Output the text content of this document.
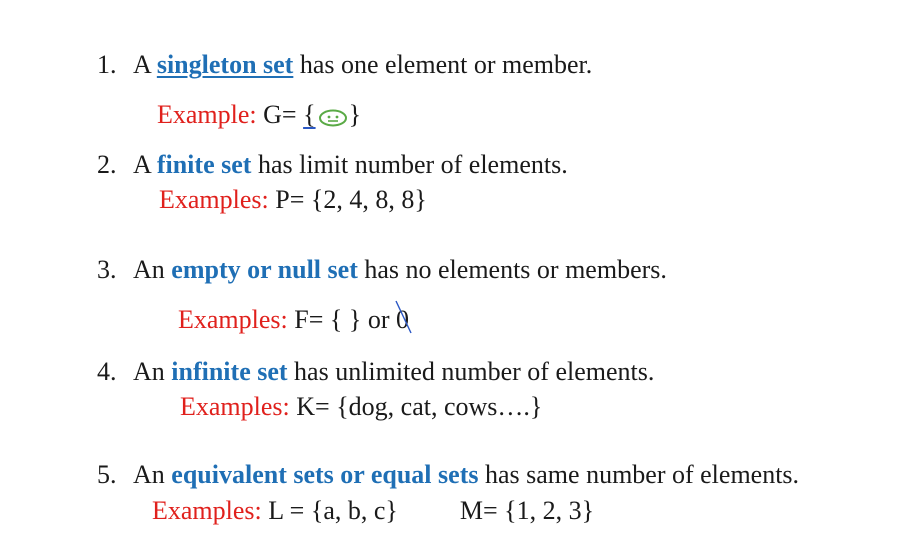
1. A singleton set has one element or member.
Example: G= { }
2. A finite set has limit number of elements.
Examples: P= {2, 4, 8, 8}
3. An empty or null set has no elements or members.
Examples: F= { } or 0
4. An infinite set has unlimited number of elements.
Examples: K= {dog, cat, cows….}
5. An equivalent sets or equal sets has same number of elements.
Examples: L = {a, b, c} M= {1, 2, 3}
